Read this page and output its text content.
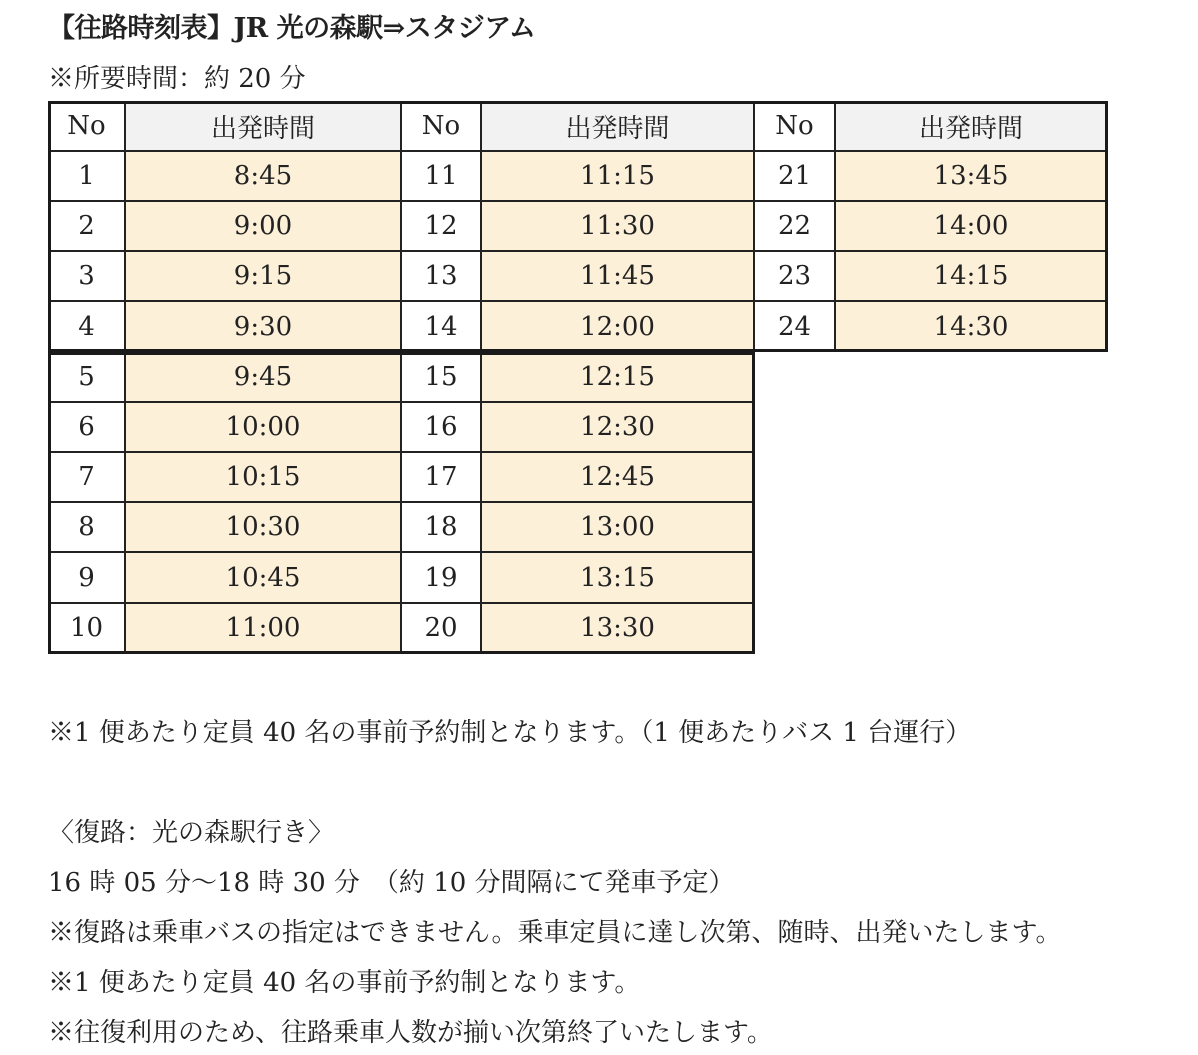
【往路時刻表】JR 光の森駅⇒スタジアム
※所要時間：約 20 分
No	出発時間
1	8:45
2	9:00
3	9:15
4	9:30
5	9:45
6	10:00
7	10:15
8	10:30
9	10:45
10	11:00
No	出発時間
11	11:15
12	11:30
13	11:45
14	12:00
15	12:15
16	12:30
17	12:45
18	13:00
19	13:15
20	13:30
No	出発時間
21	13:45
22	14:00
23	14:15
24	14:30
※1 便あたり定員 40 名の事前予約制となります。（1 便あたりバス 1 台運行）
〈復路：光の森駅行き〉
16 時 05 分～18 時 30 分　（約 10 分間隔にて発車予定）
※復路は乗車バスの指定はできません。乗車定員に達し次第、随時、出発いたします。
※1 便あたり定員 40 名の事前予約制となります。
※往復利用のため、往路乗車人数が揃い次第終了いたします。
